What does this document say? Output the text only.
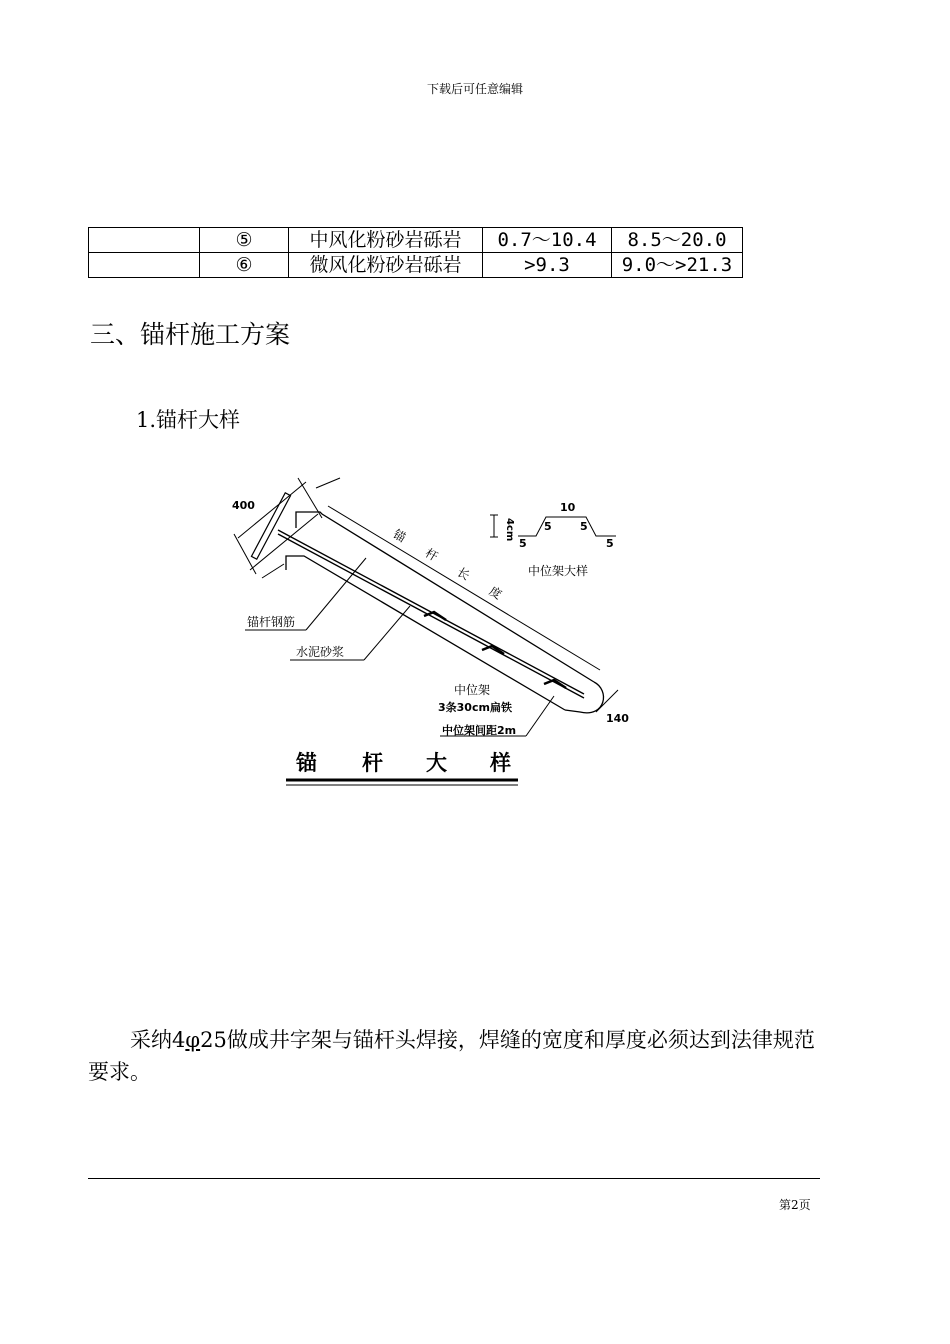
下载后可任意编辑
	⑤	中风化粉砂岩砾岩	0.7～10.4	8.5～20.0
	⑥	微风化粉砂岩砾岩	>9.3	9.0～>21.3
三、锚杆施工方案
1.锚杆大样
400
4cm
10
5
5	5
5
锚
杆
长
度
中位架大样
锚杆钢筋
水泥砂浆
中位架
3条30cm扁铁
中位架间距2m
140
锚 杆 大 样
采纳4φ25做成井字架与锚杆头焊接，焊缝的宽度和厚度必须达到法律规范要求。
第2页
